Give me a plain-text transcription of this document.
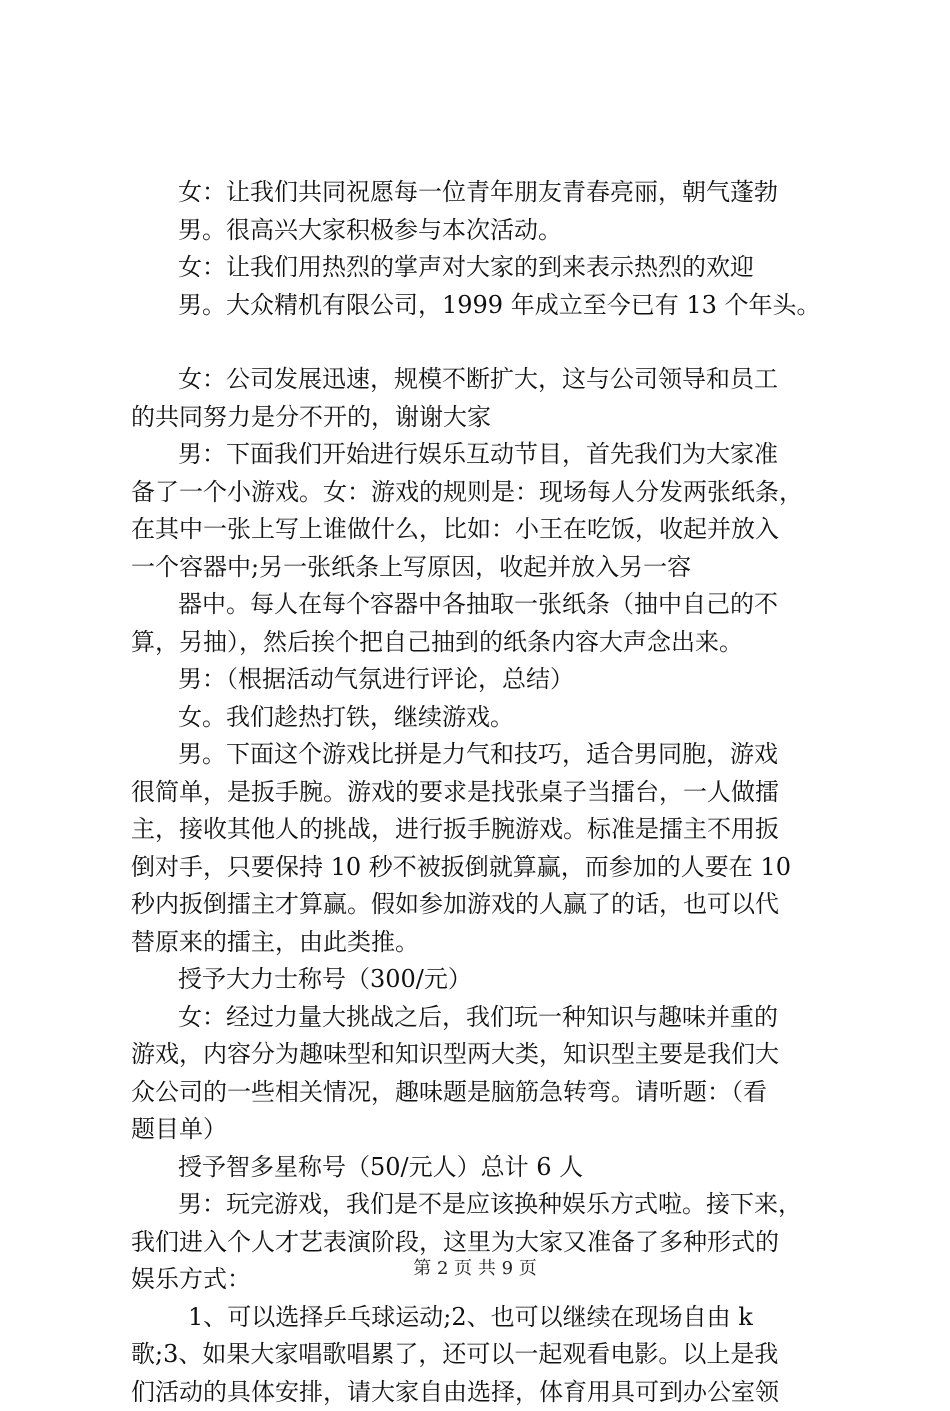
女：让我们共同祝愿每一位青年朋友青春亮丽，朝气蓬勃
男。很高兴大家积极参与本次活动。
女：让我们用热烈的掌声对大家的到来表示热烈的欢迎
男。大众精机有限公司，1999 年成立至今已有 13 个年头。
女：公司发展迅速，规模不断扩大，这与公司领导和员工
的共同努力是分不开的，谢谢大家
男：下面我们开始进行娱乐互动节目，首先我们为大家准
备了一个小游戏。女：游戏的规则是：现场每人分发两张纸条，
在其中一张上写上谁做什么，比如：小王在吃饭，收起并放入
一个容器中;另一张纸条上写原因，收起并放入另一容
器中。每人在每个容器中各抽取一张纸条（抽中自己的不
算，另抽），然后挨个把自己抽到的纸条内容大声念出来。
男：（根据活动气氛进行评论，总结）
女。我们趁热打铁，继续游戏。
男。下面这个游戏比拼是力气和技巧，适合男同胞，游戏
很简单，是扳手腕。游戏的要求是找张桌子当擂台，一人做擂
主，接收其他人的挑战，进行扳手腕游戏。标准是擂主不用扳
倒对手，只要保持 10 秒不被扳倒就算赢，而参加的人要在 10
秒内扳倒擂主才算赢。假如参加游戏的人赢了的话，也可以代
替原来的擂主，由此类推。
授予大力士称号（300/元）
女：经过力量大挑战之后，我们玩一种知识与趣味并重的
游戏，内容分为趣味型和知识型两大类，知识型主要是我们大
众公司的一些相关情况，趣味题是脑筋急转弯。请听题：（看
题目单）
授予智多星称号（50/元人）总计 6 人
男：玩完游戏，我们是不是应该换种娱乐方式啦。接下来，
我们进入个人才艺表演阶段，这里为大家又准备了多种形式的
娱乐方式：
1、可以选择乒乓球运动;2、也可以继续在现场自由 k
歌;3、如果大家唱歌唱累了，还可以一起观看电影。以上是我
们活动的具体安排，请大家自由选择，体育用具可到办公室领
第 2 页 共 9 页
